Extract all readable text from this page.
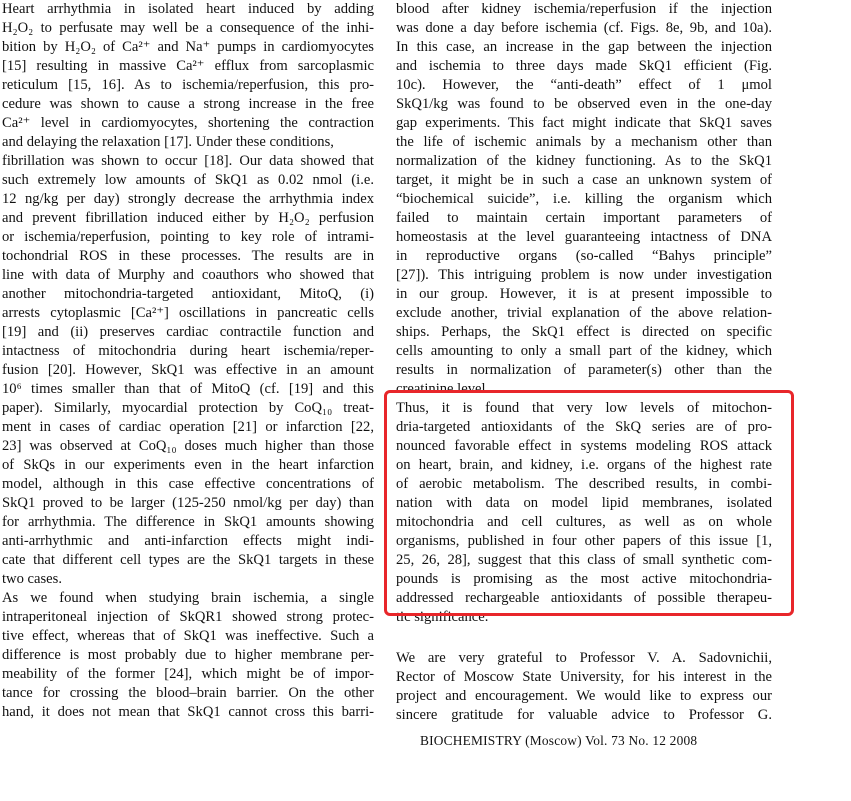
Heart arrhythmia in isolated heart induced by adding
H₂O₂ to perfusate may well be a consequence of the inhi-
bition by H₂O₂ of Ca²⁺ and Na⁺ pumps in cardiomyocytes
[15] resulting in massive Ca²⁺ efflux from sarcoplasmic
reticulum [15, 16]. As to ischemia/reperfusion, this pro-
cedure was shown to cause a strong increase in the free
Ca²⁺ level in cardiomyocytes, shortening the contraction
and delaying the relaxation [17]. Under these conditions,
fibrillation was shown to occur [18]. Our data showed that
such extremely low amounts of SkQ1 as 0.02 nmol (i.e.
12 ng/kg per day) strongly decrease the arrhythmia index
and prevent fibrillation induced either by H₂O₂ perfusion
or ischemia/reperfusion, pointing to key role of intrami-
tochondrial ROS in these processes. The results are in
line with data of Murphy and coauthors who showed that
another mitochondria-targeted antioxidant, MitoQ, (i)
arrests cytoplasmic [Ca²⁺] oscillations in pancreatic cells
[19] and (ii) preserves cardiac contractile function and
intactness of mitochondria during heart ischemia/reper-
fusion [20]. However, SkQ1 was effective in an amount
10⁶ times smaller than that of MitoQ (cf. [19] and this
paper). Similarly, myocardial protection by CoQ₁₀ treat-
ment in cases of cardiac operation [21] or infarction [22,
23] was observed at CoQ₁₀ doses much higher than those
of SkQs in our experiments even in the heart infarction
model, although in this case effective concentrations of
SkQ1 proved to be larger (125-250 nmol/kg per day) than
for arrhythmia. The difference in SkQ1 amounts showing
anti-arrhythmic and anti-infarction effects might indi-
cate that different cell types are the SkQ1 targets in these
two cases.
As we found when studying brain ischemia, a single
intraperitoneal injection of SkQR1 showed strong protec-
tive effect, whereas that of SkQ1 was ineffective. Such a
difference is most probably due to higher membrane per-
meability of the former [24], which might be of impor-
tance for crossing the blood–brain barrier. On the other
hand, it does not mean that SkQ1 cannot cross this barri-
blood after kidney ischemia/reperfusion if the injection
was done a day before ischemia (cf. Figs. 8e, 9b, and 10a).
In this case, an increase in the gap between the injection
and ischemia to three days made SkQ1 efficient (Fig.
10c). However, the “anti-death” effect of 1 μmol
SkQ1/kg was found to be observed even in the one-day
gap experiments. This fact might indicate that SkQ1 saves
the life of ischemic animals by a mechanism other than
normalization of the kidney functioning. As to the SkQ1
target, it might be in such a case an unknown system of
“biochemical suicide”, i.e. killing the organism which
failed to maintain certain important parameters of
homeostasis at the level guaranteeing intactness of DNA
in reproductive organs (so-called “Bahys principle”
[27]). This intriguing problem is now under investigation
in our group. However, it is at present impossible to
exclude another, trivial explanation of the above relation-
ships. Perhaps, the SkQ1 effect is directed on specific
cells amounting to only a small part of the kidney, which
results in normalization of parameter(s) other than the
creatinine level.
Thus, it is found that very low levels of mitochon-
dria-targeted antioxidants of the SkQ series are of pro-
nounced favorable effect in systems modeling ROS attack
on heart, brain, and kidney, i.e. organs of the highest rate
of aerobic metabolism. The described results, in combi-
nation with data on model lipid membranes, isolated
mitochondria and cell cultures, as well as on whole
organisms, published in four other papers of this issue [1,
25, 26, 28], suggest that this class of small synthetic com-
pounds is promising as the most active mitochondria-
addressed rechargeable antioxidants of possible therapeu-
tic significance.
We are very grateful to Professor V. A. Sadovnichii,
Rector of Moscow State University, for his interest in the
project and encouragement. We would like to express our
sincere gratitude for valuable advice to Professor G.
BIOCHEMISTRY (Moscow) Vol. 73 No. 12 2008
